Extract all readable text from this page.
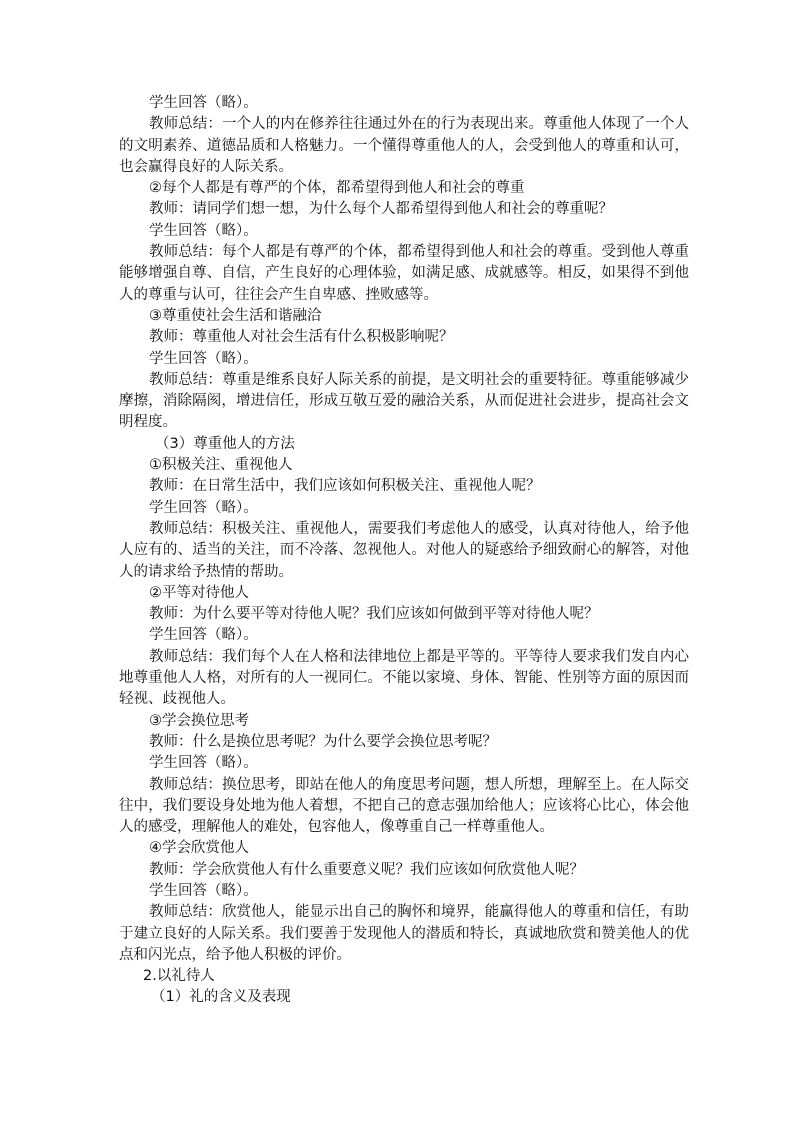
学生回答（略）。

教师总结：一个人的内在修养往往通过外在的行为表现出来。尊重他人体现了一个人的文明素养、道德品质和人格魅力。一个懂得尊重他人的人，会受到他人的尊重和认可，也会赢得良好的人际关系。

②每个人都是有尊严的个体，都希望得到他人和社会的尊重

教师：请同学们想一想，为什么每个人都希望得到他人和社会的尊重呢？

学生回答（略）。

教师总结：每个人都是有尊严的个体，都希望得到他人和社会的尊重。受到他人尊重能够增强自尊、自信，产生良好的心理体验，如满足感、成就感等。相反，如果得不到他人的尊重与认可，往往会产生自卑感、挫败感等。

③尊重使社会生活和谐融洽

教师：尊重他人对社会生活有什么积极影响呢？

学生回答（略）。

教师总结：尊重是维系良好人际关系的前提，是文明社会的重要特征。尊重能够减少摩擦，消除隔阂，增进信任，形成互敬互爱的融洽关系，从而促进社会进步，提高社会文明程度。

（3）尊重他人的方法

①积极关注、重视他人

教师：在日常生活中，我们应该如何积极关注、重视他人呢？

学生回答（略）。

教师总结：积极关注、重视他人，需要我们考虑他人的感受，认真对待他人，给予他人应有的、适当的关注，而不冷落、忽视他人。对他人的疑惑给予细致耐心的解答，对他人的请求给予热情的帮助。

②平等对待他人

教师：为什么要平等对待他人呢？我们应该如何做到平等对待他人呢？

学生回答（略）。

教师总结：我们每个人在人格和法律地位上都是平等的。平等待人要求我们发自内心地尊重他人人格，对所有的人一视同仁。不能以家境、身体、智能、性别等方面的原因而轻视、歧视他人。

③学会换位思考

教师：什么是换位思考呢？为什么要学会换位思考呢？

学生回答（略）。

教师总结：换位思考，即站在他人的角度思考问题，想人所想，理解至上。在人际交往中，我们要设身处地为他人着想，不把自己的意志强加给他人；应该将心比心，体会他人的感受，理解他人的难处，包容他人，像尊重自己一样尊重他人。

④学会欣赏他人

教师：学会欣赏他人有什么重要意义呢？我们应该如何欣赏他人呢？

学生回答（略）。

教师总结：欣赏他人，能显示出自己的胸怀和境界，能赢得他人的尊重和信任，有助于建立良好的人际关系。我们要善于发现他人的潜质和特长，真诚地欣赏和赞美他人的优点和闪光点，给予他人积极的评价。

2.以礼待人

（1）礼的含义及表现
